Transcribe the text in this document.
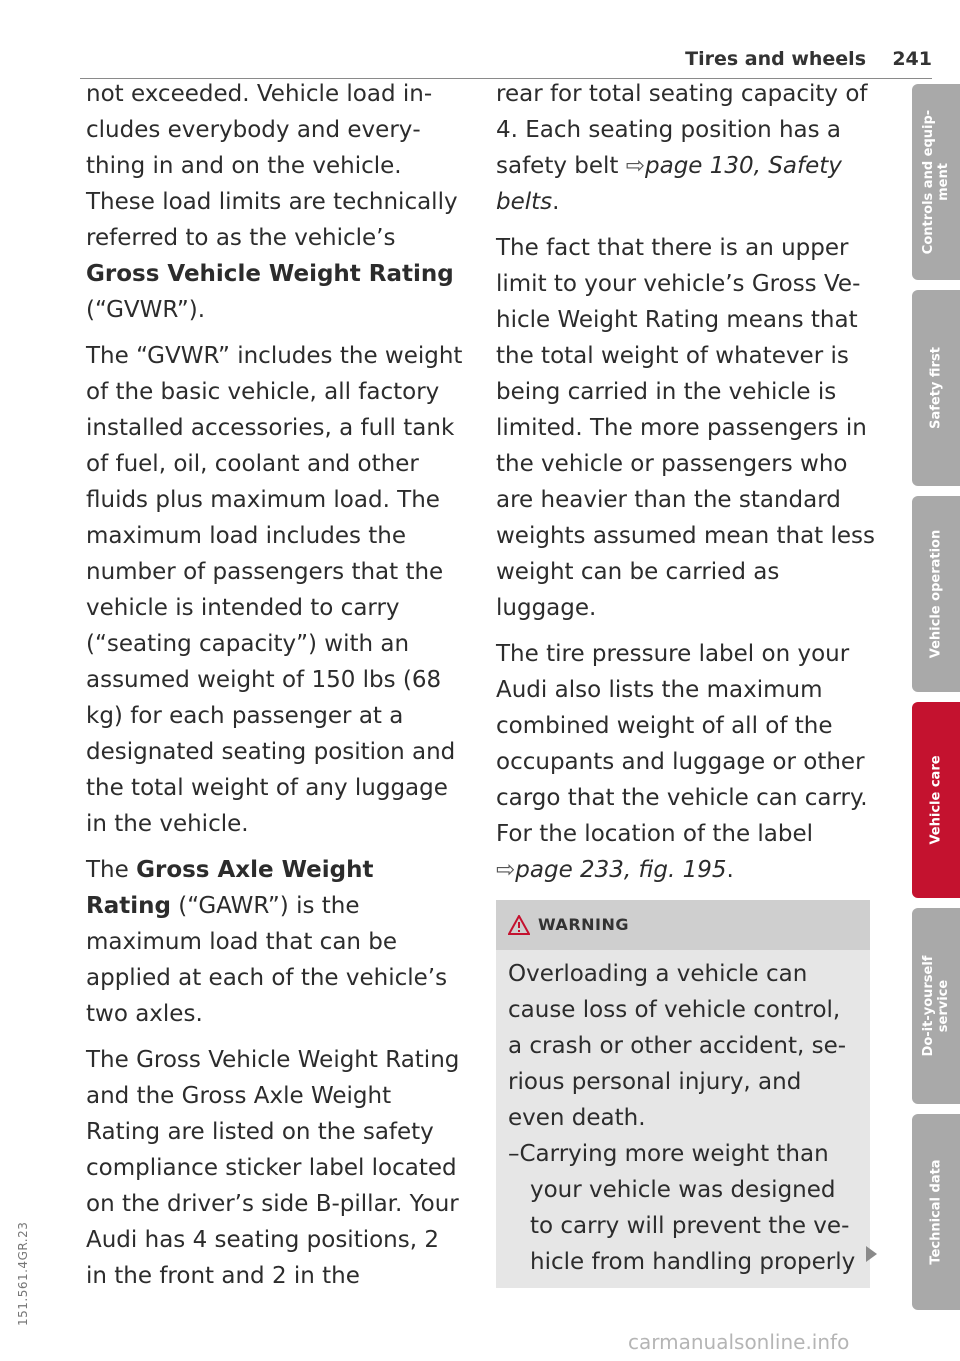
Tires and wheels 241

not exceeded. Vehicle load includes everybody and everything in and on the vehicle. These load limits are technically referred to as the vehicle’s Gross Vehicle Weight Rating (“GVWR”).

The “GVWR” includes the weight of the basic vehicle, all factory installed accessories, a full tank of fuel, oil, coolant and other fluids plus maximum load. The maximum load includes the number of passengers that the vehicle is intended to carry (“seating capacity”) with an assumed weight of 150 lbs (68 kg) for each passenger at a designated seating position and the total weight of any luggage in the vehicle.

The Gross Axle Weight Rating (“GAWR”) is the maximum load that can be applied at each of the vehicle’s two axles.

The Gross Vehicle Weight Rating and the Gross Axle Weight Rating are listed on the safety compliance sticker label located on the driver’s side B-pillar. Your Audi has 4 seating positions, 2 in the front and 2 in the

rear for total seating capacity of 4. Each seating position has a safety belt ⇨page 130, Safety belts.

The fact that there is an upper limit to your vehicle’s Gross Vehicle Weight Rating means that the total weight of whatever is being carried in the vehicle is limited. The more passengers in the vehicle or passengers who are heavier than the standard weights assumed mean that less weight can be carried as luggage.

The tire pressure label on your Audi also lists the maximum combined weight of all of the occupants and luggage or other cargo that the vehicle can carry. For the location of the label ⇨page 233, fig. 195.

WARNING

Overloading a vehicle can cause loss of vehicle control, a crash or other accident, serious personal injury, and even death.

–Carrying more weight than your vehicle was designed to carry will prevent the vehicle from handling properly

Controls and equip-
ment
Safety first
Vehicle operation
Vehicle care
Do-it-yourself
service
Technical data
151.561.4GR.23
carmanualsonline.info
